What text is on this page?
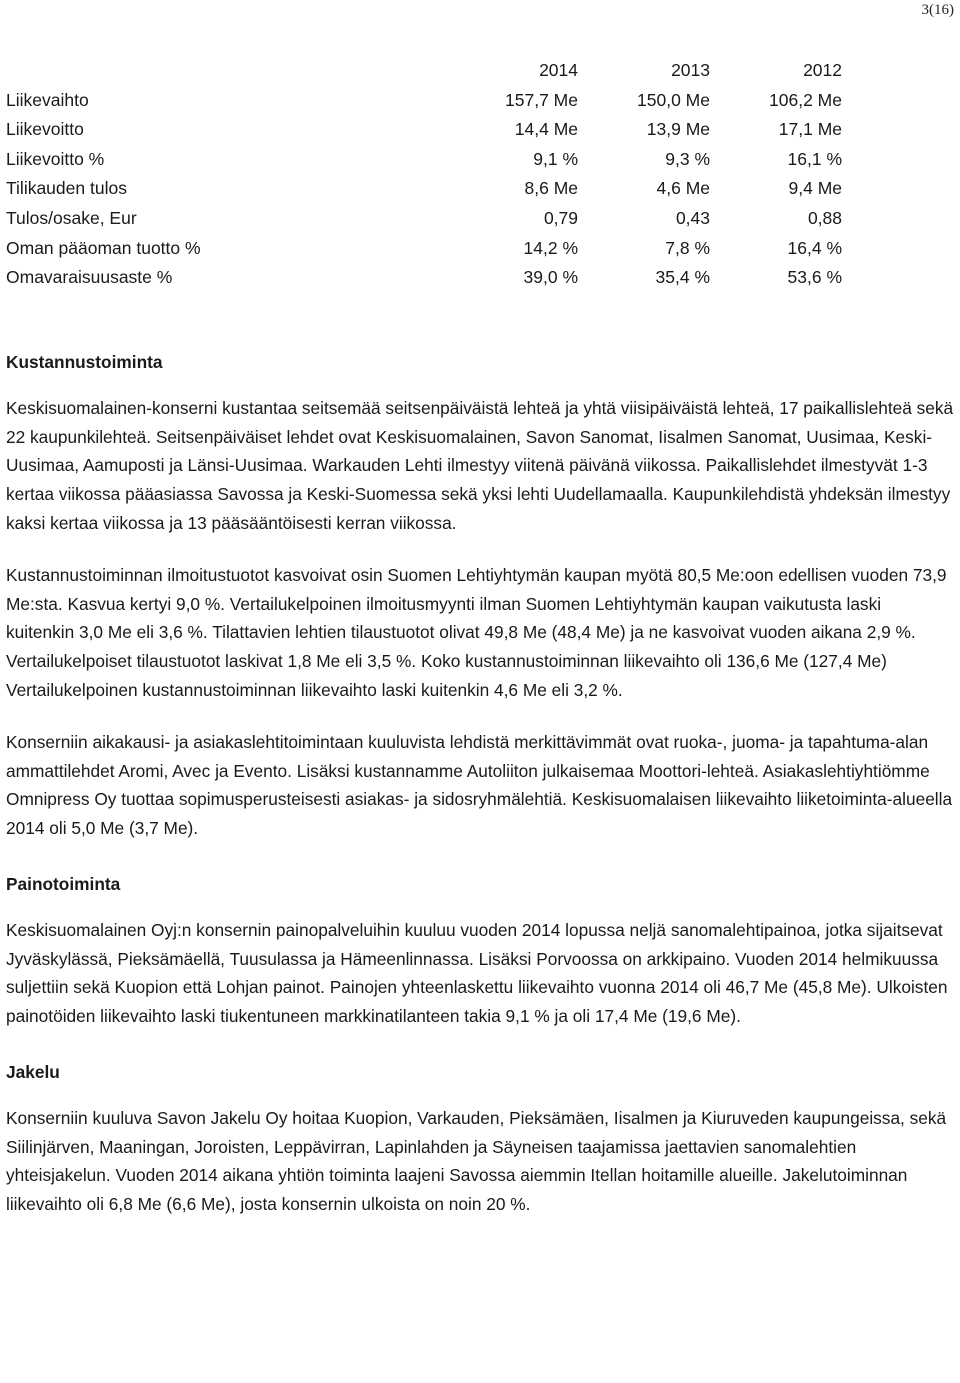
3(16)
	2014	2013	2012
Liikevaihto	157,7 Me	150,0 Me	106,2 Me
Liikevoitto	14,4 Me	13,9 Me	17,1 Me
Liikevoitto %	9,1 %	9,3 %	16,1 %
Tilikauden tulos	8,6 Me	4,6 Me	9,4 Me
Tulos/osake, Eur	0,79	0,43	0,88
Oman pääoman tuotto %	14,2 %	7,8 %	16,4 %
Omavaraisuusaste %	39,0 %	35,4 %	53,6 %
Kustannustoiminta

Keskisuomalainen-konserni kustantaa seitsemää seitsenpäiväistä lehteä ja yhtä viisipäiväistä lehteä, 17 paikallislehteä sekä 22 kaupunkilehteä. Seitsenpäiväiset lehdet ovat Keskisuomalainen, Savon Sanomat, Iisalmen Sanomat, Uusimaa, Keski-Uusimaa, Aamuposti ja Länsi-Uusimaa. Warkauden Lehti ilmestyy viitenä päivänä viikossa. Paikallislehdet ilmestyvät 1-3 kertaa viikossa pääasiassa Savossa ja Keski-Suomessa sekä yksi lehti Uudellamaalla. Kaupunkilehdistä yhdeksän ilmestyy kaksi kertaa viikossa ja 13 pääsääntöisesti kerran viikossa.

Kustannustoiminnan ilmoitustuotot kasvoivat osin Suomen Lehtiyhtymän kaupan myötä 80,5 Me:oon edellisen vuoden 73,9 Me:sta. Kasvua kertyi 9,0 %. Vertailukelpoinen ilmoitusmyynti ilman Suomen Lehtiyhtymän kaupan vaikutusta laski kuitenkin 3,0 Me eli 3,6 %. Tilattavien lehtien tilaustuotot olivat 49,8 Me (48,4 Me) ja ne kasvoivat vuoden aikana 2,9 %. Vertailukelpoiset tilaustuotot laskivat 1,8 Me eli 3,5 %. Koko kustannustoiminnan liikevaihto oli 136,6 Me (127,4 Me) Vertailukelpoinen kustannustoiminnan liikevaihto laski kuitenkin 4,6 Me eli 3,2 %.

Konserniin aikakausi- ja asiakaslehtitoimintaan kuuluvista lehdistä merkittävimmät ovat ruoka-, juoma- ja tapahtuma-alan ammattilehdet Aromi, Avec ja Evento. Lisäksi kustannamme Autoliiton julkaisemaa Moottori-lehteä. Asiakaslehtiyhtiömme Omnipress Oy tuottaa sopimusperusteisesti asiakas- ja sidosryhmälehtiä. Keskisuomalaisen liikevaihto liiketoiminta-alueella 2014 oli 5,0 Me (3,7 Me).

Painotoiminta

Keskisuomalainen Oyj:n konsernin painopalveluihin kuuluu vuoden 2014 lopussa neljä sanomalehtipainoa, jotka sijaitsevat Jyväskylässä, Pieksämäellä, Tuusulassa ja Hämeenlinnassa. Lisäksi Porvoossa on arkkipaino. Vuoden 2014 helmikuussa suljettiin sekä Kuopion että Lohjan painot. Painojen yhteenlaskettu liikevaihto vuonna 2014 oli 46,7 Me (45,8 Me). Ulkoisten painotöiden liikevaihto laski tiukentuneen markkinatilanteen takia 9,1 % ja oli 17,4 Me (19,6 Me).

Jakelu

Konserniin kuuluva Savon Jakelu Oy hoitaa Kuopion, Varkauden, Pieksämäen, Iisalmen ja Kiuruveden kaupungeissa, sekä Siilinjärven, Maaningan, Joroisten, Leppävirran, Lapinlahden ja Säyneisen taajamissa jaettavien sanomalehtien yhteisjakelun. Vuoden 2014 aikana yhtiön toiminta laajeni Savossa aiemmin Itellan hoitamille alueille. Jakelutoiminnan liikevaihto oli 6,8 Me (6,6 Me), josta konsernin ulkoista on noin 20 %.
